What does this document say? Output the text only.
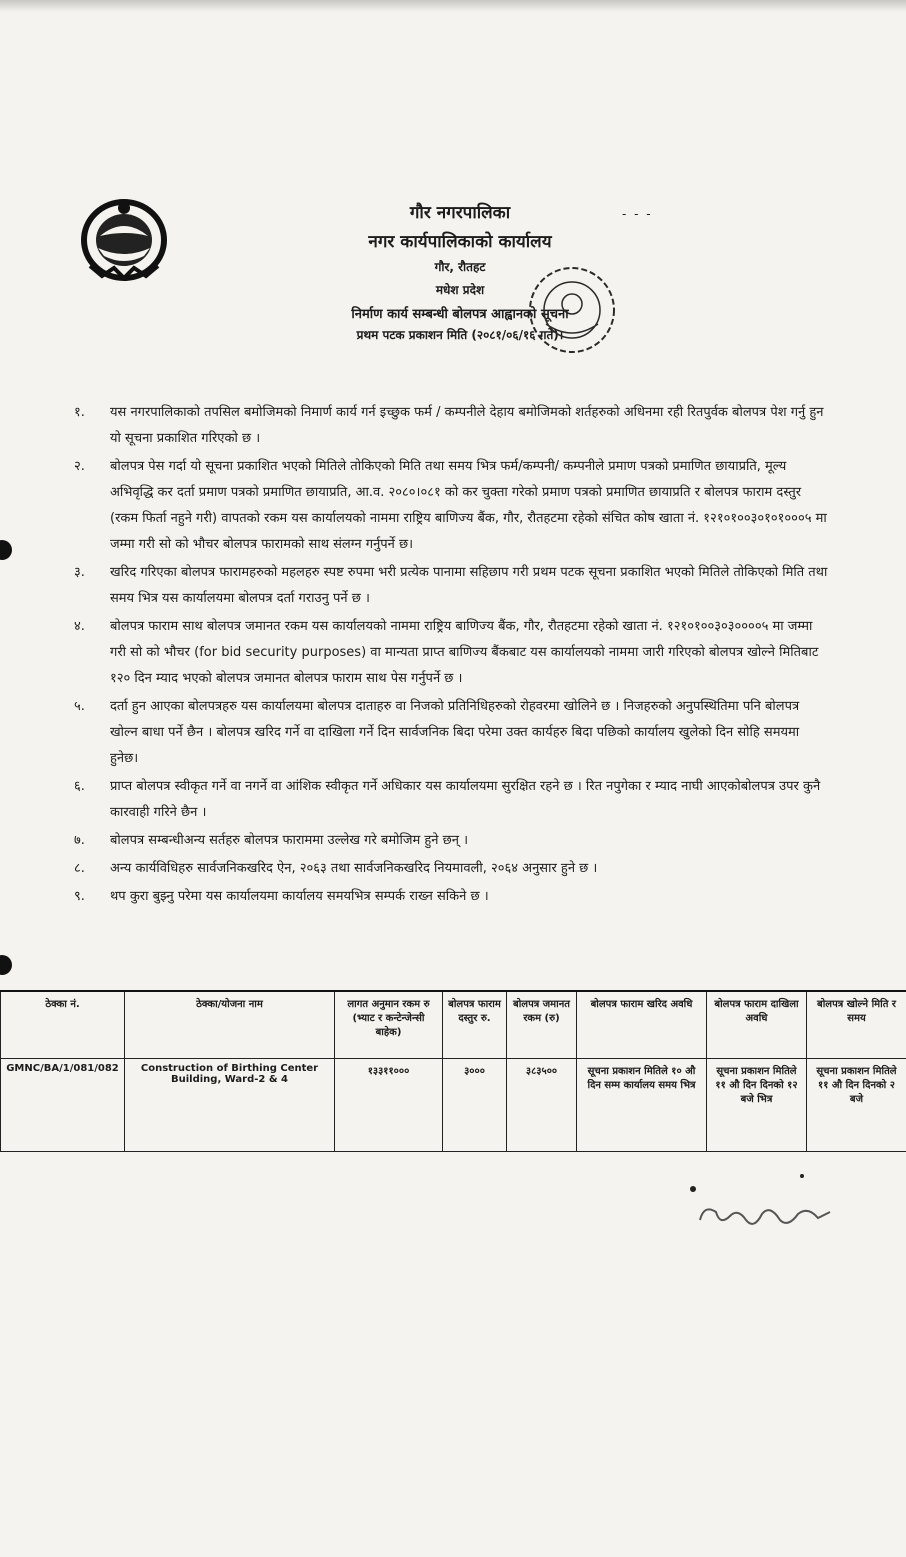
गौर नगरपालिका
नगर कार्यपालिकाको कार्यालय
गौर, रौतहट
मधेश प्रदेश
निर्माण कार्य सम्बन्धी बोलपत्र आह्वानको सूचना
प्रथम पटक प्रकाशन मिति (२०८१/०६/१६ गते)।
- - -
१.	यस नगरपालिकाको तपसिल बमोजिमको निमार्ण कार्य गर्न इच्छुक फर्म / कम्पनीले देहाय बमोजिमको शर्तहरुको अधिनमा रही रितपुर्वक बोलपत्र पेश गर्नु हुन यो सूचना प्रकाशित गरिएको छ ।
२.	बोलपत्र पेस गर्दा यो सूचना प्रकाशित भएको मितिले तोकिएको मिति तथा समय भित्र फर्म/कम्पनी/ कम्पनीले प्रमाण पत्रको प्रमाणित छायाप्रति, मूल्य अभिवृद्धि कर दर्ता प्रमाण पत्रको प्रमाणित छायाप्रति, आ.व. २०८०।०८१ को कर चुक्ता गरेको प्रमाण पत्रको प्रमाणित छायाप्रति र बोलपत्र फाराम दस्तुर (रकम फिर्ता नहुने गरी) वापतको रकम यस कार्यालयको नाममा राष्ट्रिय बाणिज्य बैंक, गौर, रौतहटमा रहेको संचित कोष खाता नं. १२१०१००३०१०१०००५ मा जम्मा गरी सो को भौचर बोलपत्र फारामको साथ संलग्न गर्नुपर्ने छ।
३.	खरिद गरिएका बोलपत्र फारामहरुको महलहरु स्पष्ट रुपमा भरी प्रत्येक पानामा सहिछाप गरी प्रथम पटक सूचना प्रकाशित भएको मितिले तोकिएको मिति तथा समय भित्र यस कार्यालयमा बोलपत्र दर्ता गराउनु पर्ने छ ।
४.	बोलपत्र फाराम साथ बोलपत्र जमानत रकम यस कार्यालयको नाममा राष्ट्रिय बाणिज्य बैंक, गौर, रौतहटमा रहेको खाता नं. १२१०१००३०३००००५ मा जम्मा गरी सो को भौचर (for bid security purposes) वा मान्यता प्राप्त बाणिज्य बैंकबाट यस कार्यालयको नाममा जारी गरिएको बोलपत्र खोल्ने मितिबाट १२० दिन म्याद भएको बोलपत्र जमानत बोलपत्र फाराम साथ पेस गर्नुपर्ने छ ।
५.	दर्ता हुन आएका बोलपत्रहरु यस कार्यालयमा बोलपत्र दाताहरु वा निजको प्रतिनिधिहरुको रोहवरमा खोलिने छ । निजहरुको अनुपस्थितिमा पनि बोलपत्र खोल्न बाधा पर्ने छैन । बोलपत्र खरिद गर्ने वा दाखिला गर्ने दिन सार्वजनिक बिदा परेमा उक्त कार्यहरु बिदा पछिको कार्यालय खुलेको दिन सोहि समयमा हुनेछ।
६.	प्राप्त बोलपत्र स्वीकृत गर्ने वा नगर्ने वा आंशिक स्वीकृत गर्ने अधिकार यस कार्यालयमा सुरक्षित रहने छ । रित नपुगेका र म्याद नाघी आएकोबोलपत्र उपर कुनै कारवाही गरिने छैन ।
७.	बोलपत्र सम्बन्धीअन्य सर्तहरु बोलपत्र फाराममा उल्लेख गरे बमोजिम हुने छन् ।
८.	अन्य कार्यविधिहरु सार्वजनिकखरिद ऐन, २०६३ तथा सार्वजनिकखरिद नियमावली, २०६४ अनुसार हुने छ ।
९.	थप कुरा बुझ्नु परेमा यस कार्यालयमा कार्यालय समयभित्र सम्पर्क राख्न सकिने छ ।
ठेक्का नं.	ठेक्का/योजना नाम	लागत अनुमान रकम रु (भ्याट र कन्टेन्जेन्सी बाहेक)	बोलपत्र फाराम दस्तुर रु.	बोलपत्र जमानत रकम (रु)	बोलपत्र फाराम खरिद अवधि	बोलपत्र फाराम दाखिला अवधि	बोलपत्र खोल्ने मिति र समय
GMNC/BA/1/081/082	Construction of Birthing Center Building, Ward-2 & 4	१३३११०००	३०००	३८३५००	सूचना प्रकाशन मितिले १० औ दिन सम्म कार्यालय समय भित्र	सूचना प्रकाशन मितिले ११ औ दिन दिनको १२ बजे भित्र	सूचना प्रकाशन मितिले ११ औ दिन दिनको २ बजे
